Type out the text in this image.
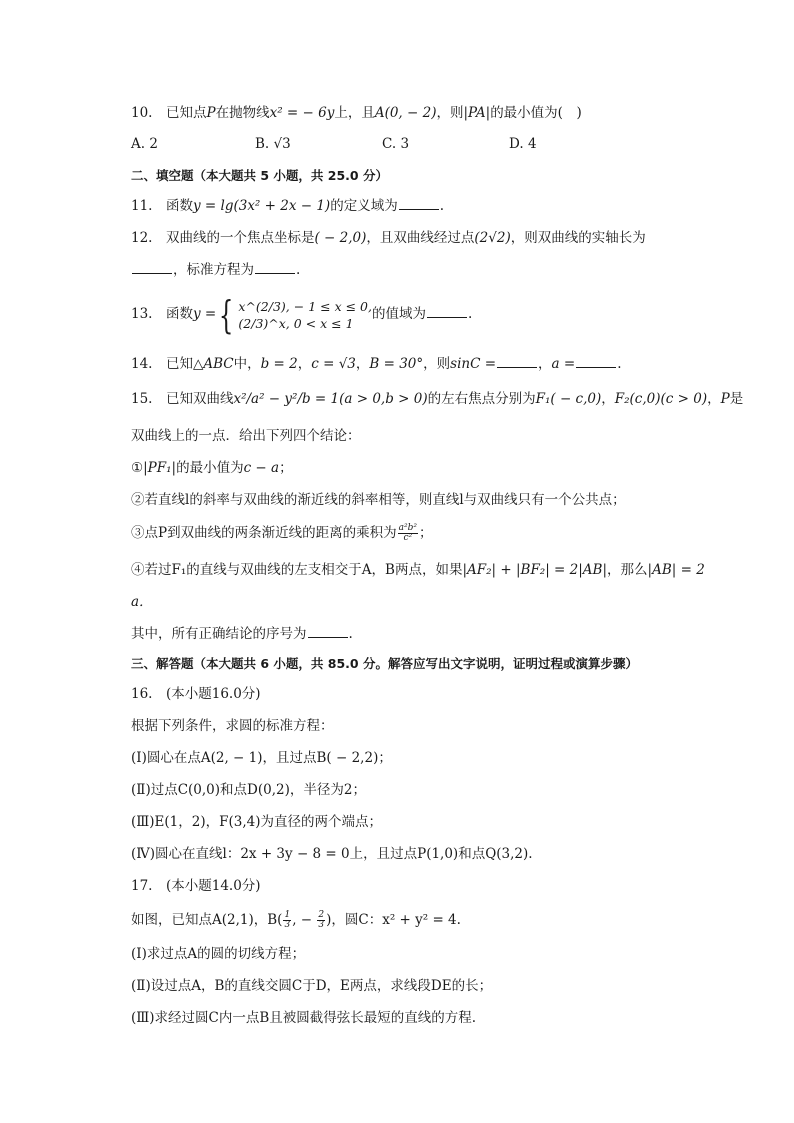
10.　已知点P在抛物线x² = − 6y上，且A(0, − 2)，则|PA|的最小值为(　)
A. 2	B. √3	C. 3	D. 4
二、填空题（本大题共 5 小题，共 25.0 分）
11.　函数y = lg(3x² + 2x − 1)的定义域为	.
12.　双曲线的一个焦点坐标是( − 2,0)，且双曲线经过点(2√2)，则双曲线的实轴长为
，标准方程为	.
13.　函数y ={ x^(2/3), − 1 ≤ x ≤ 0,
(2/3)^x, 0 < x ≤ 1
的值域为	.
14.　已知△ABC中，b = 2，c = √3，B = 30°，则sinC =	，a =	.
15.　已知双曲线x²/a² − y²/b = 1(a > 0,b > 0)的左右焦点分别为F₁( − c,0)，F₂(c,0)(c > 0)，P是
双曲线上的一点．给出下列四个结论：
①|PF₁|的最小值为c − a；
②若直线l的斜率与双曲线的渐近线的斜率相等，则直线l与双曲线只有一个公共点；
③点P到双曲线的两条渐近线的距离的乘积为 $\frac{\text{a²b²}}{\text{c²}}$ ；
④若过F₁的直线与双曲线的左支相交于A，B两点，如果|AF₂| + |BF₂| = 2|AB|，那么|AB| = 2
a．
其中，所有正确结论的序号为	.
三、解答题（本大题共 6 小题，共 85.0 分。解答应写出文字说明，证明过程或演算步骤）
16.　(本小题16.0分)
根据下列条件，求圆的标准方程：
(Ⅰ)圆心在点A(2, − 1)，且过点B( − 2,2)；
(Ⅱ)过点C(0,0)和点D(0,2)，半径为2；
(Ⅲ)E(1，2)，F(3,4)为直径的两个端点；
(Ⅳ)圆心在直线l：2x + 3y − 8 = 0上，且过点P(1,0)和点Q(3,2).
17.　(本小题14.0分)
如图，已知点A(2,1)，$B( \frac{1}{3}$ , − $\frac{2}{3}$ )，圆C：x² + y² = 4.
(Ⅰ)求过点A的圆的切线方程；
(Ⅱ)设过点A，B的直线交圆C于D，E两点，求线段DE的长；
(Ⅲ)求经过圆C内一点B且被圆截得弦长最短的直线的方程.
